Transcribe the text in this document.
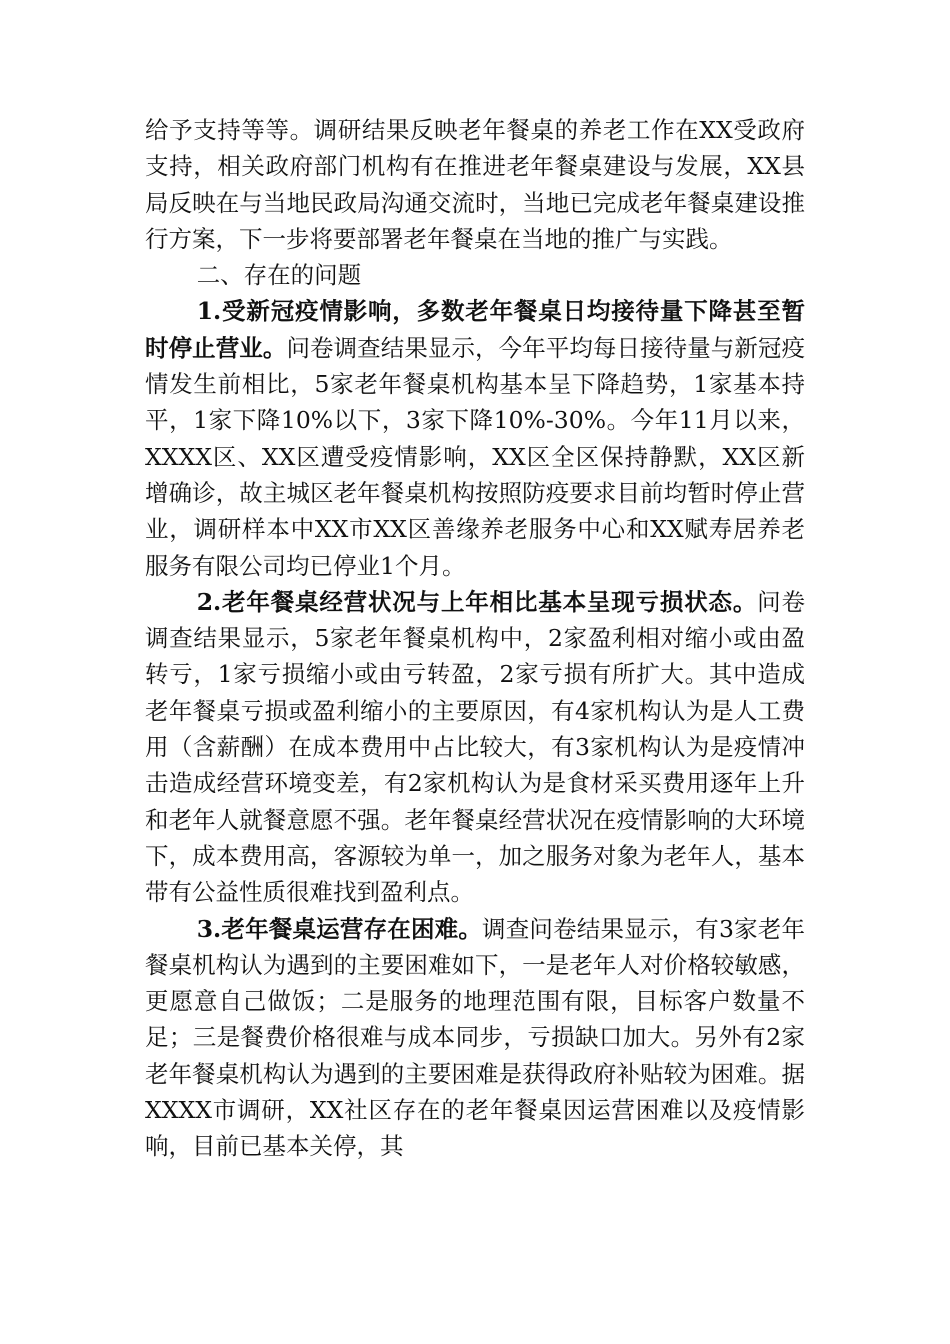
给予支持等等。调研结果反映老年餐桌的养老工作在XX受政府支持，相关政府部门机构有在推进老年餐桌建设与发展，XX县局反映在与当地民政局沟通交流时，当地已完成老年餐桌建设推行方案，下一步将要部署老年餐桌在当地的推广与实践。

二、存在的问题

1.受新冠疫情影响，多数老年餐桌日均接待量下降甚至暂时停止营业。问卷调查结果显示，今年平均每日接待量与新冠疫情发生前相比，5家老年餐桌机构基本呈下降趋势，1家基本持平，1家下降10%以下，3家下降10%-30%。今年11月以来，XXXX区、XX区遭受疫情影响，XX区全区保持静默，XX区新增确诊，故主城区老年餐桌机构按照防疫要求目前均暂时停止营业，调研样本中XX市XX区善缘养老服务中心和XX赋寿居养老服务有限公司均已停业1个月。

2.老年餐桌经营状况与上年相比基本呈现亏损状态。问卷调查结果显示，5家老年餐桌机构中，2家盈利相对缩小或由盈转亏，1家亏损缩小或由亏转盈，2家亏损有所扩大。其中造成老年餐桌亏损或盈利缩小的主要原因，有4家机构认为是人工费用（含薪酬）在成本费用中占比较大，有3家机构认为是疫情冲击造成经营环境变差，有2家机构认为是食材采买费用逐年上升和老年人就餐意愿不强。老年餐桌经营状况在疫情影响的大环境下，成本费用高，客源较为单一，加之服务对象为老年人，基本带有公益性质很难找到盈利点。

3.老年餐桌运营存在困难。调查问卷结果显示，有3家老年餐桌机构认为遇到的主要困难如下，一是老年人对价格较敏感，更愿意自己做饭；二是服务的地理范围有限，目标客户数量不足；三是餐费价格很难与成本同步，亏损缺口加大。另外有2家老年餐桌机构认为遇到的主要困难是获得政府补贴较为困难。据XXXX市调研，XX社区存在的老年餐桌因运营困难以及疫情影响，目前已基本关停，其
